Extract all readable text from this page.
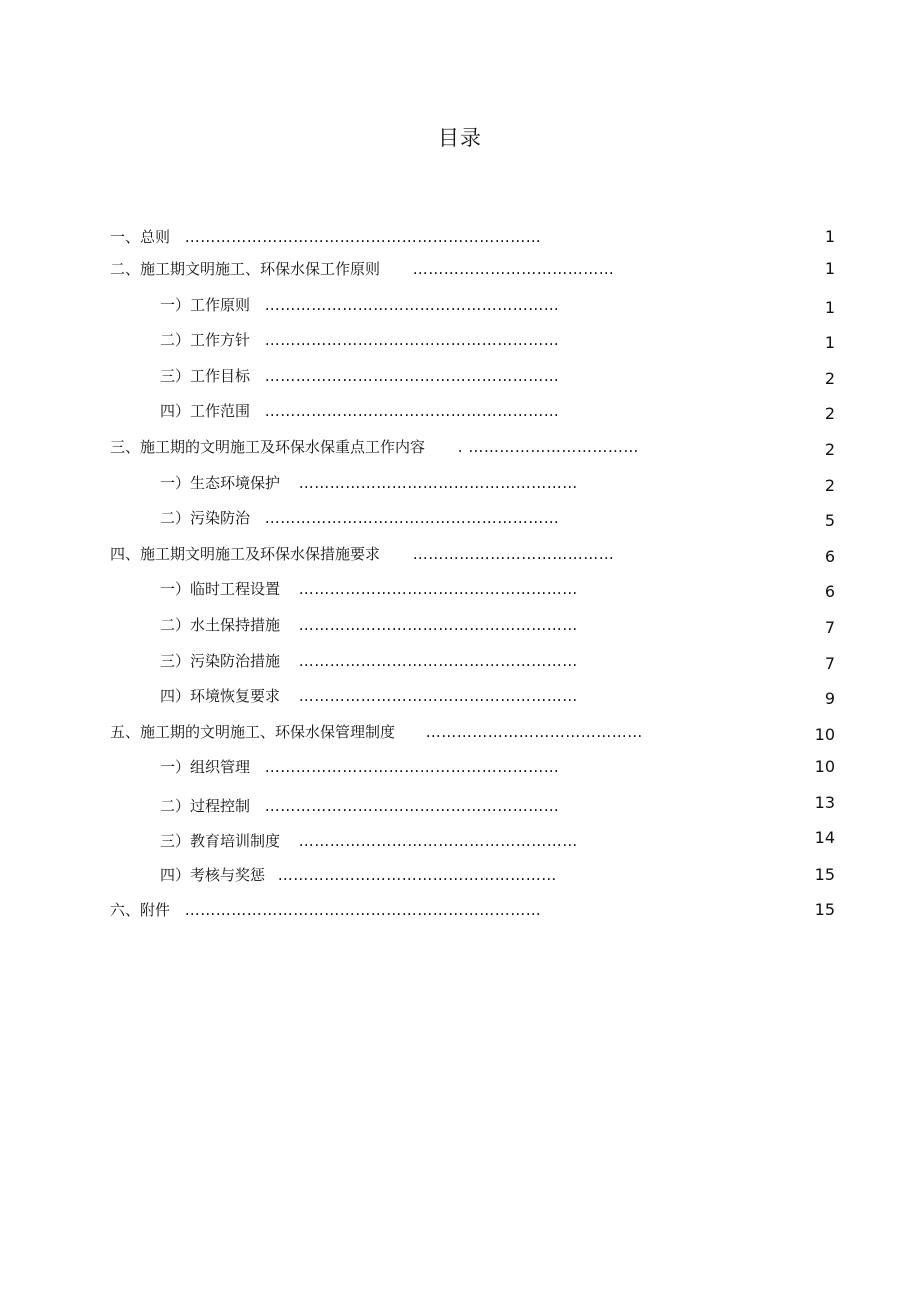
目录
一、总则 ……………………………………………………………	1
二、施工期文明施工、环保水保工作原则 …………………………………	1
一）工作原则 …………………………………………………	1
二）工作方针 …………………………………………………	1
三）工作目标 …………………………………………………	2
四）工作范围 …………………………………………………	2
三、施工期的文明施工及环保水保重点工作内容 . ……………………………	2
一）生态环境保护 ………………………………………………	2
二）污染防治 …………………………………………………	5
四、施工期文明施工及环保水保措施要求 …………………………………	6
一）临时工程设置 ………………………………………………	6
二）水土保持措施 ………………………………………………	7
三）污染防治措施 ………………………………………………	7
四）环境恢复要求 ………………………………………………	9
五、施工期的文明施工、环保水保管理制度 ……………………………………	10
一）组织管理 …………………………………………………	10
二）过程控制 …………………………………………………	13
三）教育培训制度 ………………………………………………	14
四）考核与奖惩 ………………………………………………	15
六、附件 ……………………………………………………………	15
